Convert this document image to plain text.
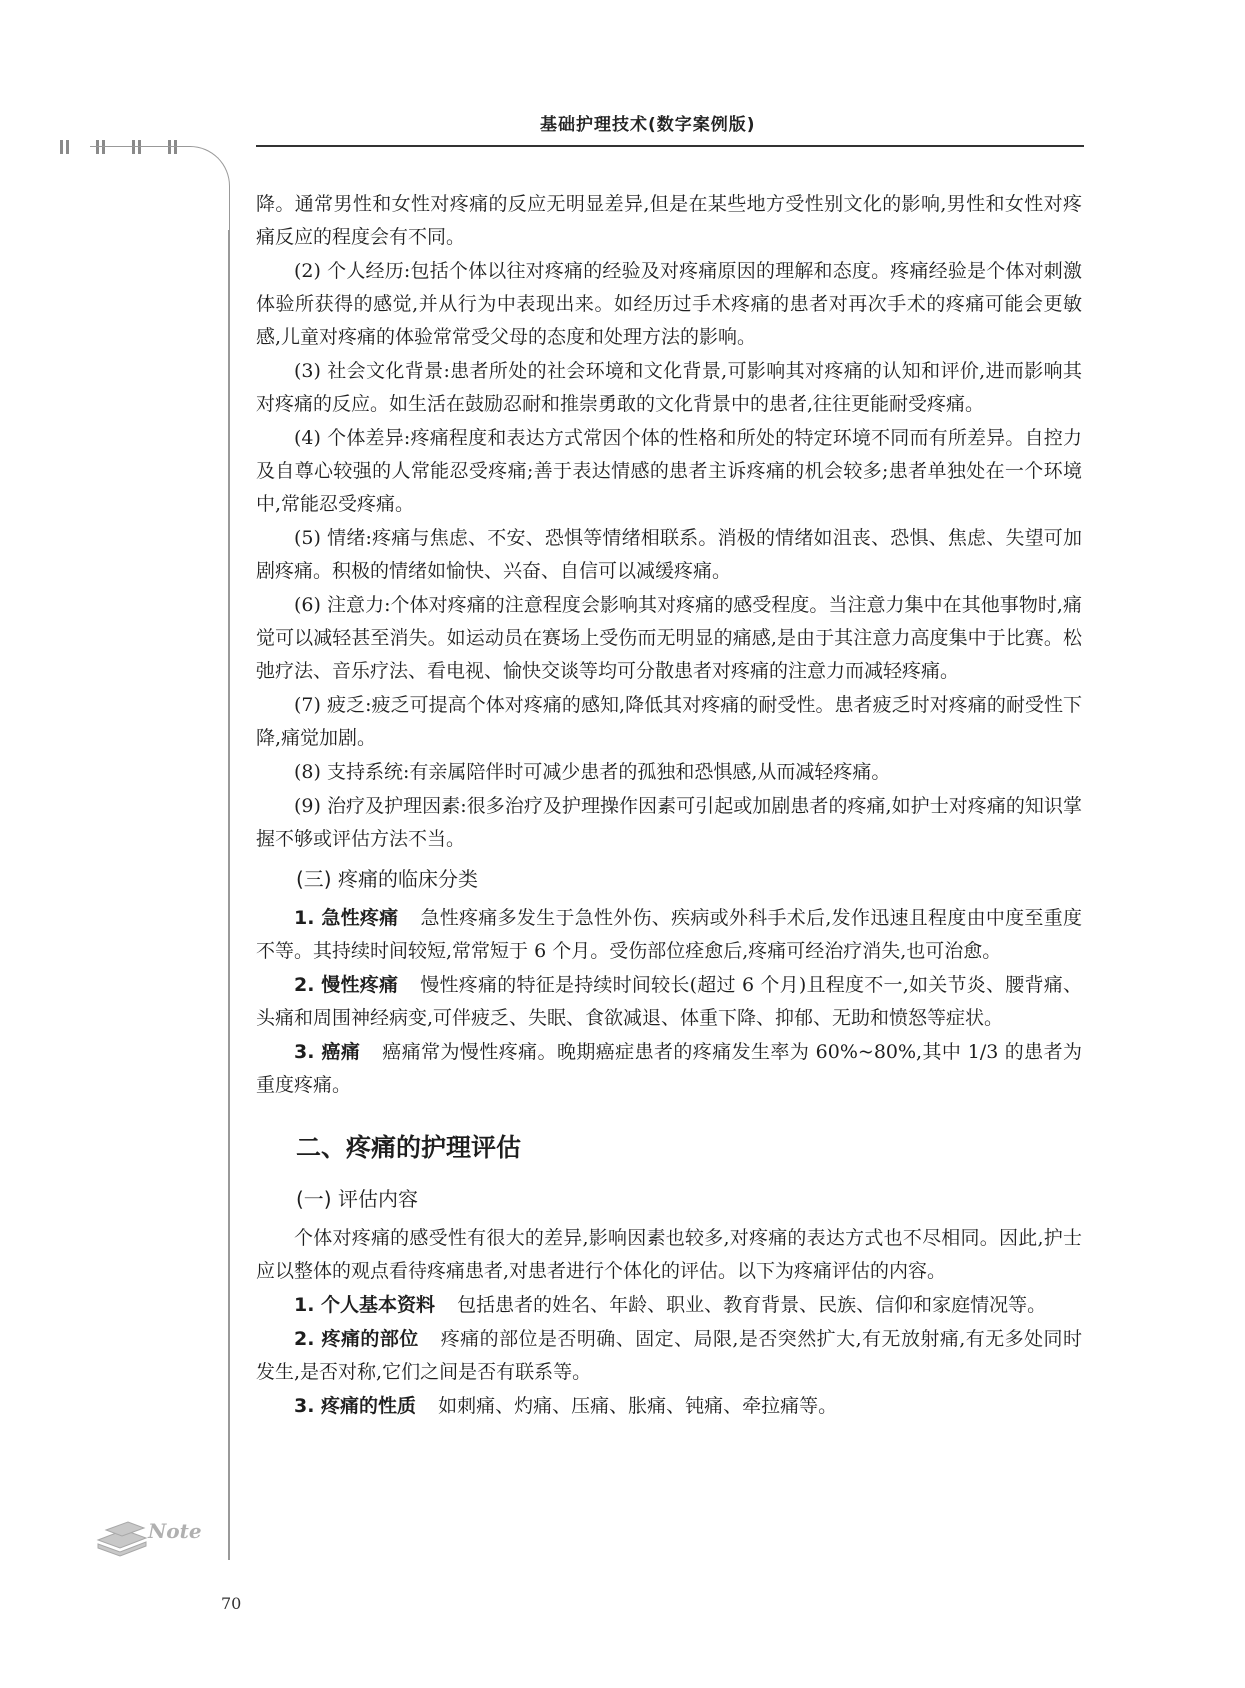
基础护理技术(数字案例版)

降。通常男性和女性对疼痛的反应无明显差异,但是在某些地方受性别文化的影响,男性和女性对疼痛反应的程度会有不同。

(2) 个人经历:包括个体以往对疼痛的经验及对疼痛原因的理解和态度。疼痛经验是个体对刺激体验所获得的感觉,并从行为中表现出来。如经历过手术疼痛的患者对再次手术的疼痛可能会更敏感,儿童对疼痛的体验常常受父母的态度和处理方法的影响。

(3) 社会文化背景:患者所处的社会环境和文化背景,可影响其对疼痛的认知和评价,进而影响其对疼痛的反应。如生活在鼓励忍耐和推崇勇敢的文化背景中的患者,往往更能耐受疼痛。

(4) 个体差异:疼痛程度和表达方式常因个体的性格和所处的特定环境不同而有所差异。自控力及自尊心较强的人常能忍受疼痛;善于表达情感的患者主诉疼痛的机会较多;患者单独处在一个环境中,常能忍受疼痛。

(5) 情绪:疼痛与焦虑、不安、恐惧等情绪相联系。消极的情绪如沮丧、恐惧、焦虑、失望可加剧疼痛。积极的情绪如愉快、兴奋、自信可以减缓疼痛。

(6) 注意力:个体对疼痛的注意程度会影响其对疼痛的感受程度。当注意力集中在其他事物时,痛觉可以减轻甚至消失。如运动员在赛场上受伤而无明显的痛感,是由于其注意力高度集中于比赛。松弛疗法、音乐疗法、看电视、愉快交谈等均可分散患者对疼痛的注意力而减轻疼痛。

(7) 疲乏:疲乏可提高个体对疼痛的感知,降低其对疼痛的耐受性。患者疲乏时对疼痛的耐受性下降,痛觉加剧。

(8) 支持系统:有亲属陪伴时可减少患者的孤独和恐惧感,从而减轻疼痛。

(9) 治疗及护理因素:很多治疗及护理操作因素可引起或加剧患者的疼痛,如护士对疼痛的知识掌握不够或评估方法不当。

(三) 疼痛的临床分类

1. 急性疼痛 急性疼痛多发生于急性外伤、疾病或外科手术后,发作迅速且程度由中度至重度不等。其持续时间较短,常常短于 6 个月。受伤部位痊愈后,疼痛可经治疗消失,也可治愈。

2. 慢性疼痛 慢性疼痛的特征是持续时间较长(超过 6 个月)且程度不一,如关节炎、腰背痛、头痛和周围神经病变,可伴疲乏、失眠、食欲减退、体重下降、抑郁、无助和愤怒等症状。

3. 癌痛 癌痛常为慢性疼痛。晚期癌症患者的疼痛发生率为 60%~80%,其中 1/3 的患者为重度疼痛。

二、疼痛的护理评估
(一) 评估内容

个体对疼痛的感受性有很大的差异,影响因素也较多,对疼痛的表达方式也不尽相同。因此,护士应以整体的观点看待疼痛患者,对患者进行个体化的评估。以下为疼痛评估的内容。

1. 个人基本资料 包括患者的姓名、年龄、职业、教育背景、民族、信仰和家庭情况等。

2. 疼痛的部位 疼痛的部位是否明确、固定、局限,是否突然扩大,有无放射痛,有无多处同时发生,是否对称,它们之间是否有联系等。

3. 疼痛的性质 如刺痛、灼痛、压痛、胀痛、钝痛、牵拉痛等。

Note
70
